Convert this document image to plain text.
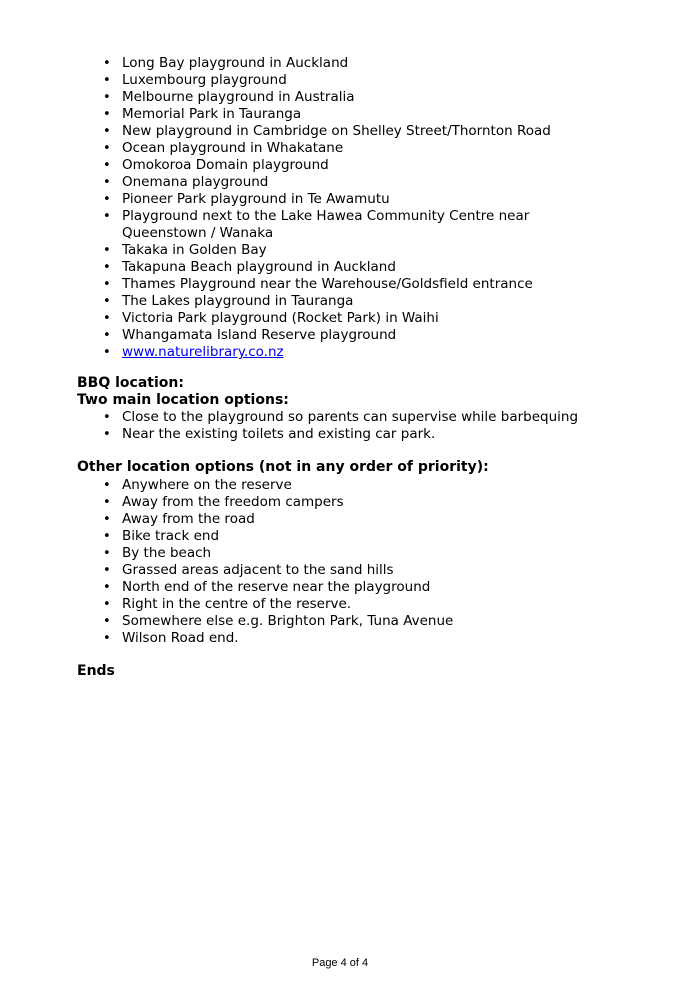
• Long Bay playground in Auckland
• Luxembourg playground
• Melbourne playground in Australia
• Memorial Park in Tauranga
• New playground in Cambridge on Shelley Street/Thornton Road
• Ocean playground in Whakatane
• Omokoroa Domain playground
• Onemana playground
• Pioneer Park playground in Te Awamutu
• Playground next to the Lake Hawea Community Centre near Queenstown / Wanaka
• Takaka in Golden Bay
• Takapuna Beach playground in Auckland
• Thames Playground near the Warehouse/Goldsfield entrance
• The Lakes playground in Tauranga
• Victoria Park playground (Rocket Park) in Waihi
• Whangamata Island Reserve playground
• www.naturelibrary.co.nz
BBQ location:
Two main location options:
• Close to the playground so parents can supervise while barbequing
• Near the existing toilets and existing car park.
Other location options (not in any order of priority):
• Anywhere on the reserve
• Away from the freedom campers
• Away from the road
• Bike track end
• By the beach
• Grassed areas adjacent to the sand hills
• North end of the reserve near the playground
• Right in the centre of the reserve.
• Somewhere else e.g. Brighton Park, Tuna Avenue
• Wilson Road end.
Ends
Page 4 of 4
